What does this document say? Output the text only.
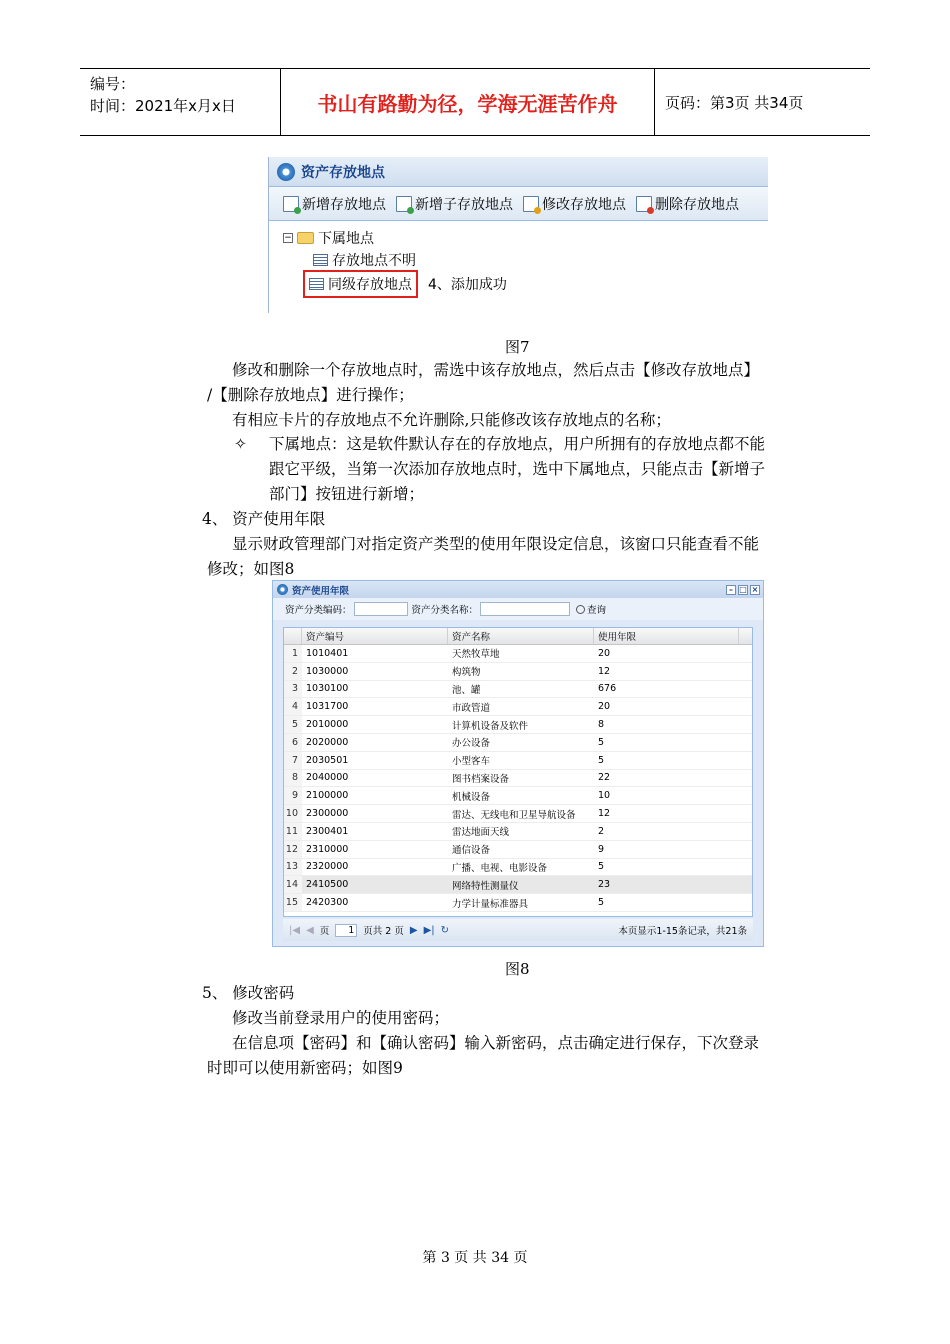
编号：
时间：2021年x月x日	书山有路勤为径，学海无涯苦作舟	页码：第3页 共34页
资产存放地点
新增存放地点 新增子存放地点 修改存放地点 删除存放地点
− 下属地点
存放地点不明
同级存放地点 4、添加成功
图7
修改和删除一个存放地点时，需选中该存放地点，然后点击【修改存放地点】
/【删除存放地点】进行操作；
有相应卡片的存放地点不允许删除,只能修改该存放地点的名称；
✧ 下属地点：这是软件默认存在的存放地点，用户所拥有的存放地点都不能
跟它平级，当第一次添加存放地点时，选中下属地点，只能点击【新增子
部门】按钮进行新增；
4、 资产使用年限
显示财政管理部门对指定资产类型的使用年限设定信息，该窗口只能查看不能
修改；如图8
资产使用年限	– □ ×
资产分类编码：	资产分类名称：	查询
资产编号	资产名称	使用年限
1 1010401	天然牧草地	20
2 1030000	构筑物	12
3 1030100	池、罐	676
4 1031700	市政管道	20
5 2010000	计算机设备及软件	8
6 2020000	办公设备	5
7 2030501	小型客车	5
8 2040000	图书档案设备	22
9 2100000	机械设备	10
10 2300000	雷达、无线电和卫星导航设备	12
11 2300401	雷达地面天线	2
12 2310000	通信设备	9
13 2320000	广播、电视、电影设备	5
14 2410500	网络特性测量仪	23
15 2420300	力学计量标准器具	5
|◀ ◀ 页	1 页共 2 页 ▶ ▶| ↻	本页显示1-15条记录，共21条
图8
5、 修改密码
修改当前登录用户的使用密码；
在信息项【密码】和【确认密码】输入新密码，点击确定进行保存，下次登录
时即可以使用新密码；如图9
第 3 页 共 34 页
